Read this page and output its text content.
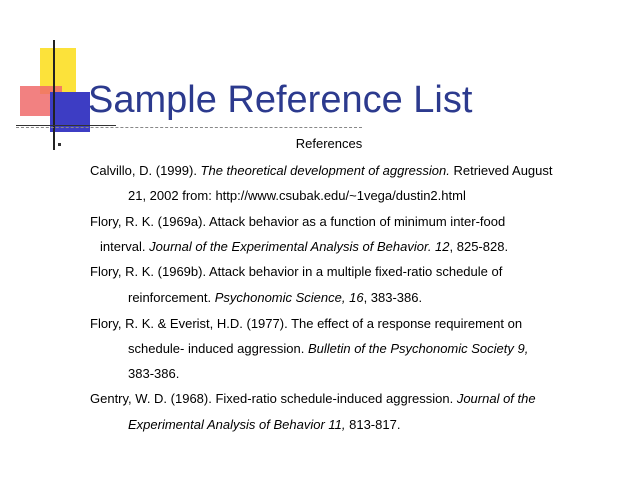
Sample Reference List
References
Calvillo, D. (1999). The theoretical development of aggression. Retrieved August
21, 2002 from: http://www.csubak.edu/~1vega/dustin2.html
Flory, R. K. (1969a). Attack behavior as a function of minimum inter-food
interval. Journal of the Experimental Analysis of Behavior. 12, 825-828.
Flory, R. K. (1969b). Attack behavior in a multiple fixed-ratio schedule of
reinforcement. Psychonomic Science, 16, 383-386.
Flory, R. K. & Everist, H.D. (1977). The effect of a response requirement on
schedule- induced aggression. Bulletin of the Psychonomic Society 9,
383-386.
Gentry, W. D. (1968). Fixed-ratio schedule-induced aggression. Journal of the
Experimental Analysis of Behavior 11, 813-817.
